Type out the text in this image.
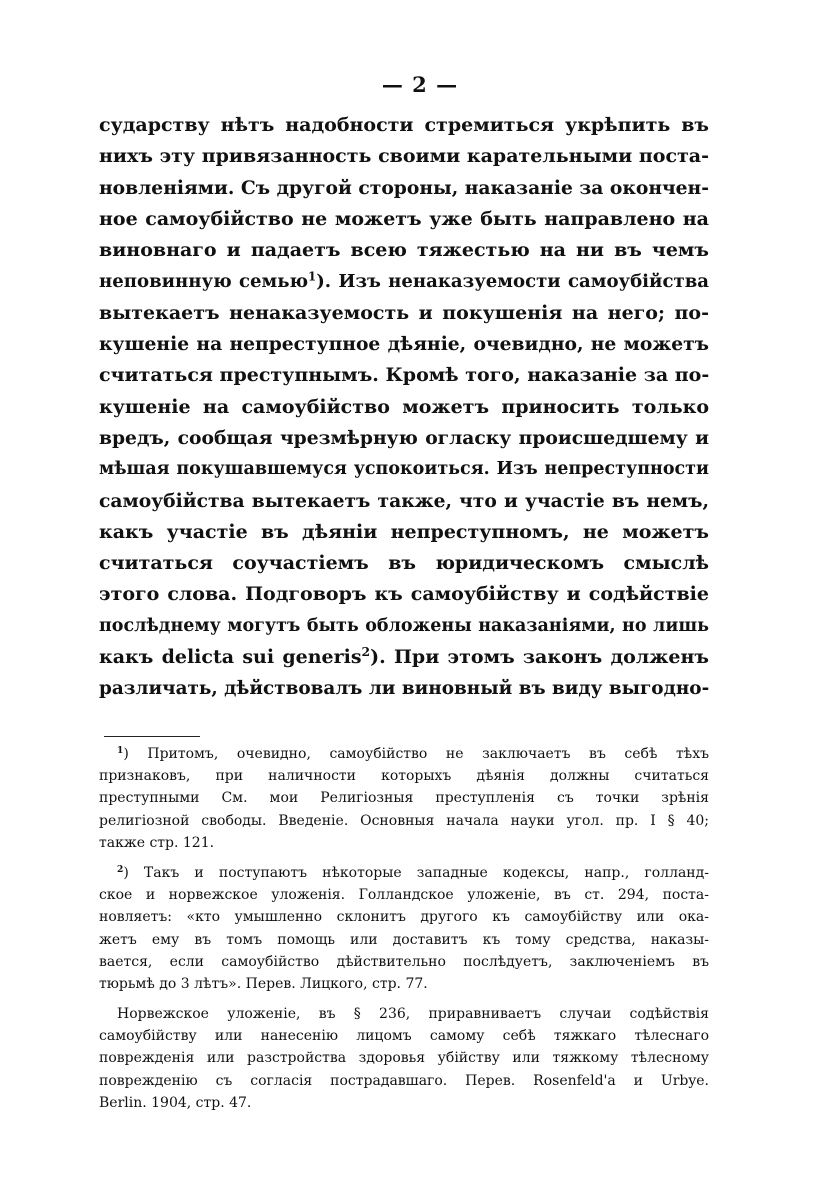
— 2 —
сударству нѣтъ надобности стремиться укрѣпить въ
нихъ эту привязанность своими карательными поста-
новленіями. Съ другой стороны, наказаніе за окончен-
ное самоубійство не можетъ уже быть направлено на
виновнаго и падаетъ всею тяжестью на ни въ чемъ
неповинную семью$^1$). Изъ ненаказуемости самоубійства
вытекаетъ ненаказуемость и покушенія на него; по-
кушеніе на непреступное дѣяніе, очевидно, не можетъ
считаться преступнымъ. Кромѣ того, наказаніе за по-
кушеніе на самоубійство можетъ приносить только
вредъ, сообщая чрезмѣрную огласку происшедшему и
мѣшая покушавшемуся успокоиться. Изъ непреступности
самоубійства вытекаетъ также, что и участіе въ немъ,
какъ участіе въ дѣяніи непреступномъ, не можетъ
считаться соучастіемъ въ юридическомъ смыслѣ
этого слова. Подговоръ къ самоубійству и содѣйствіе
послѣднему могутъ быть обложены наказаніями, но лишь
какъ delicta sui generis$^2$). При этомъ законъ долженъ
различать, дѣйствовалъ ли виновный въ виду выгодно-
$^1$) Притомъ, очевидно, самоубійство не заключаетъ въ себѣ тѣхъ
признаковъ, при наличности которыхъ дѣянія должны считаться
преступными См. мои Религіозныя преступленія съ точки зрѣнія
религіозной свободы. Введеніе. Основныя начала науки угол. пр. I § 40;
также стр. 121.
$^2$) Такъ и поступаютъ нѣкоторые западные кодексы, напр., голланд-
ское и норвежское уложенія. Голландское уложеніе, въ ст. 294, поста-
новляетъ: «кто умышленно склонитъ другого къ самоубійству или ока-
жетъ ему въ томъ помощь или доставитъ къ тому средства, наказы-
вается, если самоубійство дѣйствительно послѣдуетъ, заключеніемъ въ
тюрьмѣ до 3 лѣтъ». Перев. Лицкого, стр. 77.
Норвежское уложеніе, въ § 236, приравниваетъ случаи содѣйствія
самоубійству или нанесенію лицомъ самому себѣ тяжкаго тѣлеснаго
поврежденія или разстройства здоровья убійству или тяжкому тѣлесному
поврежденію съ согласія пострадавшаго. Перев. Rosenfeld'a и Urbye.
Berlin. 1904, стр. 47.
